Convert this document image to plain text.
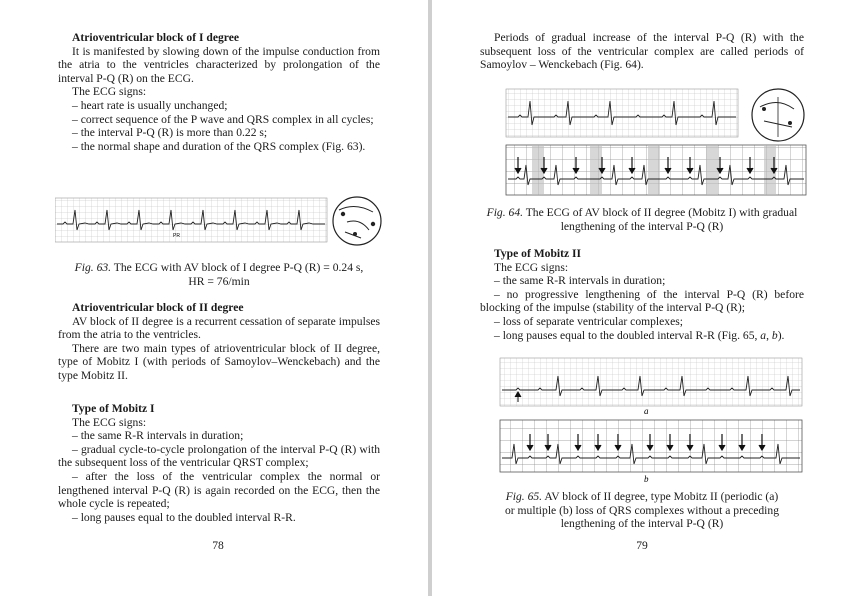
Atrioventricular block of I degree

It is manifested by slowing down of the impulse conduction from the atria to the ventricles characterized by prolongation of the interval P-Q (R) on the ECG.

The ECG signs:

– heart rate is usually unchanged;

– correct sequence of the P wave and QRS complex in all cycles;

– the interval P-Q (R) is more than 0.22 s;

– the normal shape and duration of the QRS complex (Fig. 63).

PR
Fig. 63. The ECG with AV block of I degree P-Q (R) = 0.24 s,
HR = 76/min

Atrioventricular block of II degree

AV block of II degree is a recurrent cessation of separate impulses from the atria to the ventricles.

There are two main types of atrioventricular block of II degree, type of Mobitz I (with periods of Samoylov–Wenckebach) and the type Mobitz II.

Type of Mobitz I

The ECG signs:

– the same R-R intervals in duration;

– gradual cycle-to-cycle prolongation of the interval P-Q (R) with the subsequent loss of the ventricular QRST complex;

– after the loss of the ventricular complex the normal or lengthened interval P-Q (R) is again recorded on the ECG, then the whole cycle is repeated;

– long pauses equal to the doubled interval R-R.

78

Periods of gradual increase of the interval P-Q (R) with the subsequent loss of the ventricular complex are called periods of Samoylov – Wenckebach (Fig. 64).

Fig. 64. The ECG of AV block of II degree (Mobitz I) with gradual
lengthening of the interval P-Q (R)

Type of Mobitz II

The ECG signs:

– the same R-R intervals in duration;

– no progressive lengthening of the interval P-Q (R) before blocking of the impulse (stability of the interval P-Q (R);

– loss of separate ventricular complexes;

– long pauses equal to the doubled interval R-R (Fig. 65, a, b).

a
b
Fig. 65. AV block of II degree, type Mobitz II (periodic (a)
or multiple (b) loss of QRS complexes without a preceding
lengthening of the interval P-Q (R)
79
